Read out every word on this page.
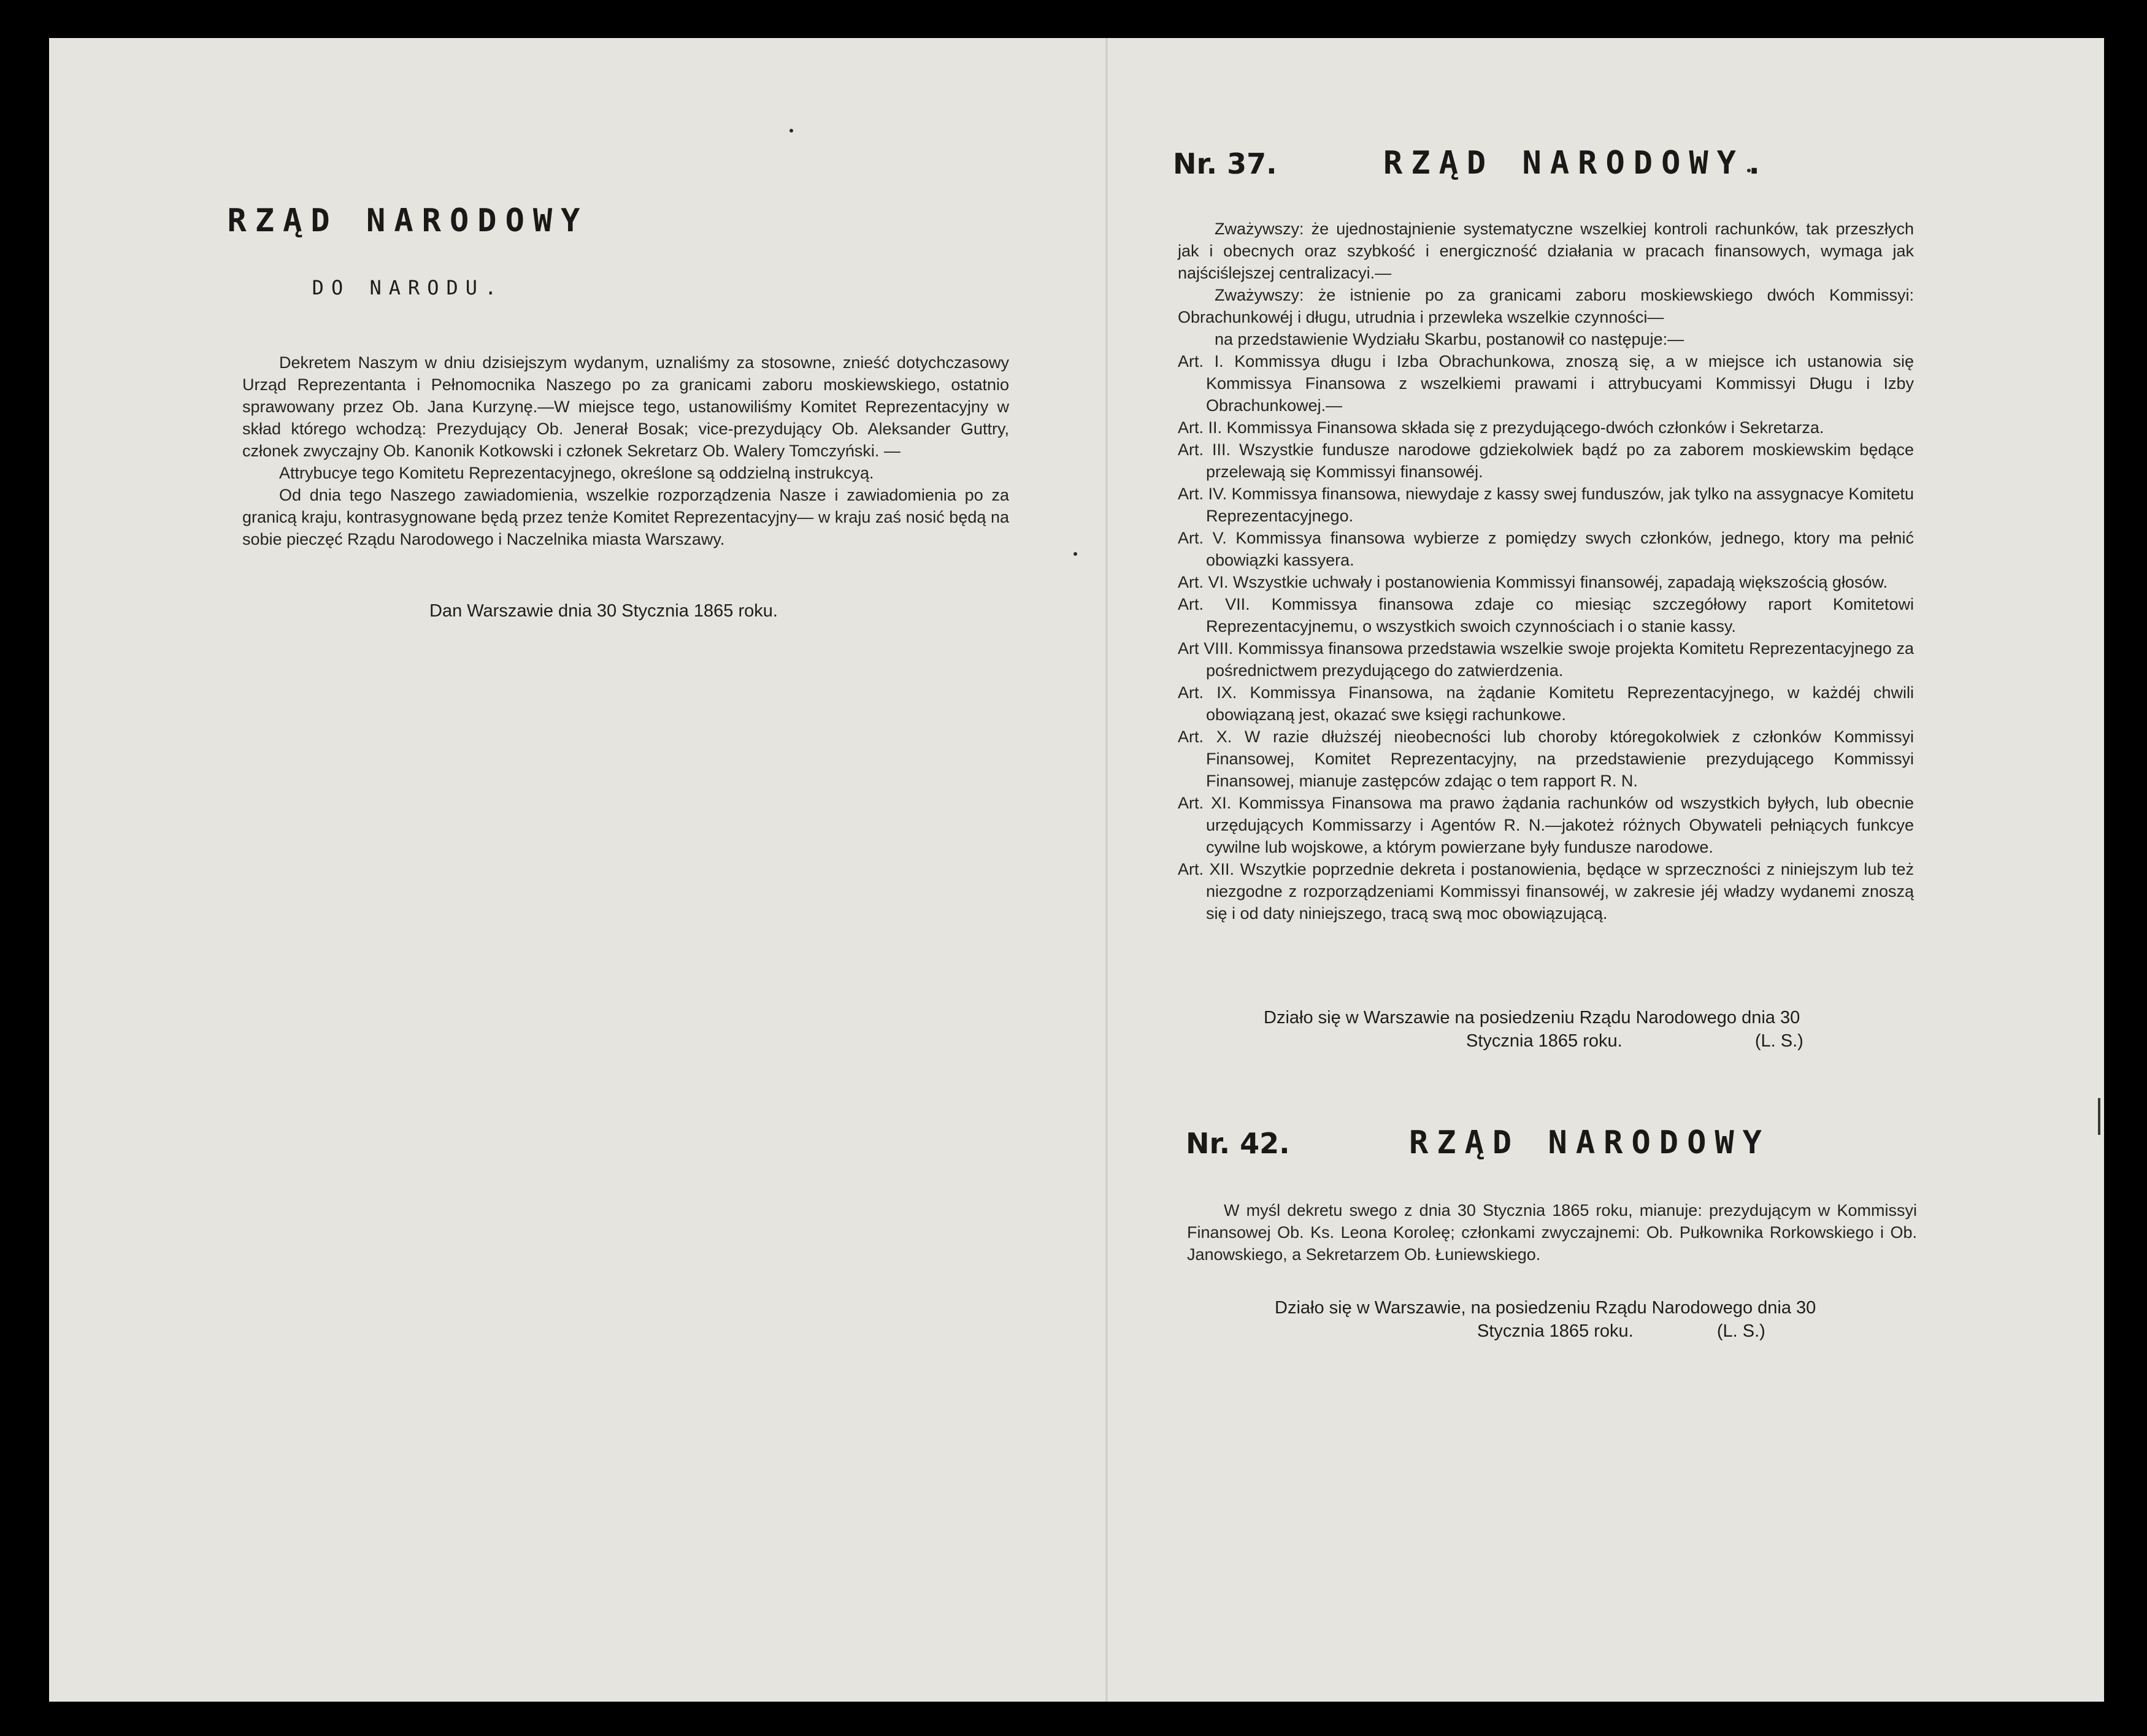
RZĄD NARODOWY
DO NARODU.

Dekretem Naszym w dniu dzisiejszym wydanym, uznaliśmy za stosowne, znieść dotychczasowy Urząd Reprezentanta i Pełnomocnika Naszego po za granicami zaboru moskiewskiego, ostatnio sprawowany przez Ob. Jana Kurzynę.—W miejsce tego, ustanowiliśmy Komitet Reprezentacyjny w skład którego wchodzą: Prezydujący Ob. Jenerał Bosak; vice-prezydujący Ob. Aleksander Guttry, członek zwyczajny Ob. Kanonik Kotkowski i członek Sekretarz Ob. Walery Tomczyński. —

Attrybucye tego Komitetu Reprezentacyjnego, określone są oddzielną instrukcyą.

Od dnia tego Naszego zawiadomienia, wszelkie rozporządzenia Nasze i zawiadomienia po za granicą kraju, kontrasygnowane będą przez tenże Komitet Reprezentacyjny— w kraju zaś nosić będą na sobie pieczęć Rządu Narodowego i Naczelnika miasta Warszawy.

Dan Warszawie dnia 30 Stycznia 1865 roku.
Nr. 37.	RZĄD NARODOWY.

Zważywszy: że ujednostajnienie systematyczne wszelkiej kontroli rachunków, tak przeszłych jak i obecnych oraz szybkość i energiczność działania w pracach finansowych, wymaga jak najściślejszej centralizacyi.—

Zważywszy: że istnienie po za granicami zaboru moskiewskiego dwóch Kommissyi: Obrachunkowéj i długu, utrudnia i przewleka wszelkie czynności—

na przedstawienie Wydziału Skarbu, postanowił co następuje:—

Art. I. Kommissya długu i Izba Obrachunkowa, znoszą się, a w miejsce ich ustanowia się Kommissya Finansowa z wszelkiemi prawami i attrybucyami Kommissyi Długu i Izby Obrachunkowej.—

Art. II. Kommissya Finansowa składa się z prezydującego-dwóch członków i Sekretarza.

Art. III. Wszystkie fundusze narodowe gdziekolwiek bądź po za zaborem moskiewskim będące przelewają się Kommissyi finansowéj.

Art. IV. Kommissya finansowa, niewydaje z kassy swej funduszów, jak tylko na assygnacye Komitetu Reprezentacyjnego.

Art. V. Kommissya finansowa wybierze z pomiędzy swych członków, jednego, ktory ma pełnić obowiązki kassyera.

Art. VI. Wszystkie uchwały i postanowienia Kommissyi finansowéj, zapadają większością głosów.

Art. VII. Kommissya finansowa zdaje co miesiąc szczegółowy raport Komitetowi Reprezentacyjnemu, o wszystkich swoich czynnościach i o stanie kassy.

Art VIII. Kommissya finansowa przedstawia wszelkie swoje projekta Komitetu Reprezentacyjnego za pośrednictwem prezydującego do zatwierdzenia.

Art. IX. Kommissya Finansowa, na żądanie Komitetu Reprezentacyjnego, w każdéj chwili obowiązaną jest, okazać swe księgi rachunkowe.

Art. X. W razie dłuższéj nieobecności lub choroby któregokolwiek z członków Kommissyi Finansowej, Komitet Reprezentacyjny, na przedstawienie prezydującego Kommissyi Finansowej, mianuje zastępców zdając o tem rapport R. N.

Art. XI. Kommissya Finansowa ma prawo żądania rachunków od wszystkich byłych, lub obecnie urzędujących Kommissarzy i Agentów R. N.—jakoteż różnych Obywateli pełniących funkcye cywilne lub wojskowe, a którym powierzane były fundusze narodowe.

Art. XII. Wszytkie poprzednie dekreta i postanowienia, będące w sprzeczności z niniejszym lub też niezgodne z rozporządzeniami Kommissyi finansowéj, w zakresie jéj władzy wydanemi znoszą się i od daty niniejszego, tracą swą moc obowiązującą.

Działo się w Warszawie na posiedzeniu Rządu Narodowego dnia 30

Stycznia 1865 roku.	(L. S.)

Nr. 42.	RZĄD NARODOWY

W myśl dekretu swego z dnia 30 Stycznia 1865 roku, mianuje: prezydującym w Kommissyi Finansowej Ob. Ks. Leona Koroleę; członkami zwyczajnemi: Ob. Pułkownika Rorkowskiego i Ob. Janowskiego, a Sekretarzem Ob. Łuniewskiego.

Działo się w Warszawie, na posiedzeniu Rządu Narodowego dnia 30

Stycznia 1865 roku.	(L. S.)
